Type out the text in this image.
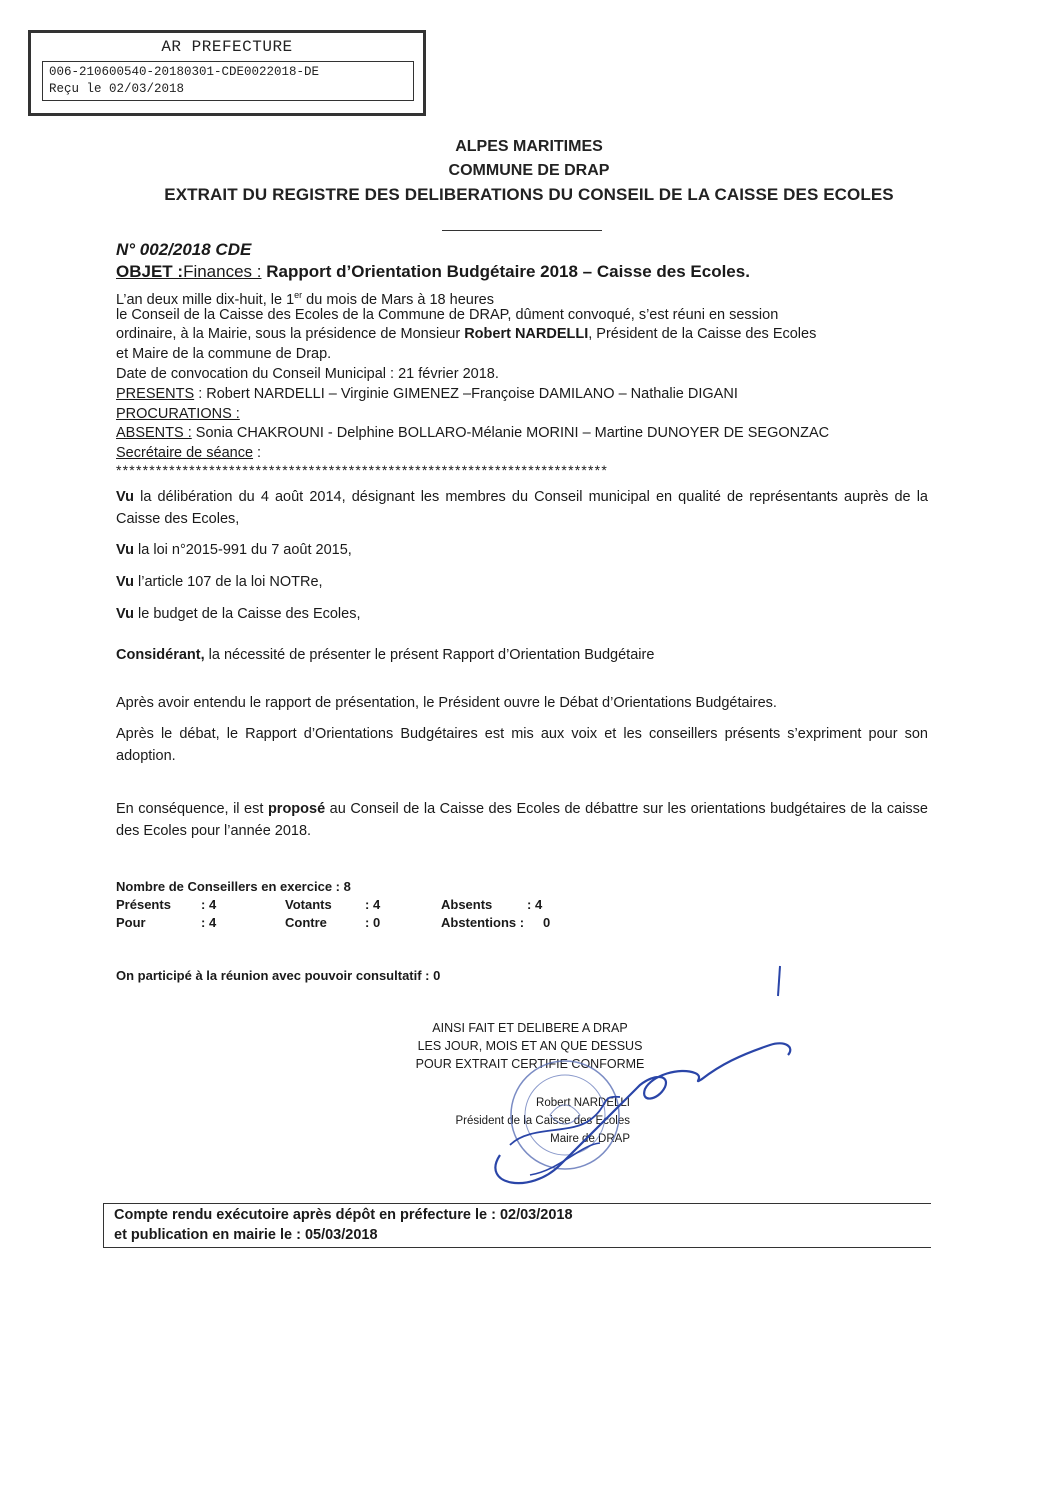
AR PREFECTURE
006-210600540-20180301-CDE0022018-DE
Reçu le 02/03/2018
ALPES MARITIMES
COMMUNE DE DRAP
EXTRAIT DU REGISTRE DES DELIBERATIONS DU CONSEIL DE LA CAISSE DES ECOLES
N° 002/2018 CDE
OBJET :Finances : Rapport d’Orientation Budgétaire 2018 – Caisse des Ecoles.
L’an deux mille dix-huit, le 1er du mois de Mars à 18 heures
le Conseil de la Caisse des Ecoles de la Commune de DRAP, dûment convoqué, s’est réuni en session
ordinaire, à la Mairie, sous la présidence de Monsieur Robert NARDELLI, Président de la Caisse des Ecoles
et Maire de la commune de Drap.
Date de convocation du Conseil Municipal : 21 février 2018.
PRESENTS : Robert NARDELLI – Virginie GIMENEZ –Françoise DAMILANO – Nathalie DIGANI
PROCURATIONS :
ABSENTS : Sonia CHAKROUNI - Delphine BOLLARO-Mélanie MORINI – Martine DUNOYER DE SEGONZAC
Secrétaire de séance :
**************************************************************************
Vu la délibération du 4 août 2014, désignant les membres du Conseil municipal en qualité de représentants auprès de la Caisse des Ecoles,
Vu la loi n°2015-991 du 7 août 2015,
Vu l’article 107 de la loi NOTRe,
Vu le budget de la Caisse des Ecoles,
Considérant, la nécessité de présenter le présent Rapport d’Orientation Budgétaire
Après avoir entendu le rapport de présentation, le Président ouvre le Débat d’Orientations Budgétaires.
Après le débat, le Rapport d’Orientations Budgétaires est mis aux voix et les conseillers présents s’expriment pour son adoption.
En conséquence, il est proposé au Conseil de la Caisse des Ecoles de débattre sur les orientations budgétaires de la caisse des Ecoles pour l’année 2018.
Nombre de Conseillers en exercice : 8
Présents : 4	Votants	: 4	Absents	: 4
Pour	: 4	Contre	: 0	Abstentions : 0
On participé à la réunion avec pouvoir consultatif : 0
AINSI FAIT ET DELIBERE A DRAP
LES JOUR, MOIS ET AN QUE DESSUS
POUR EXTRAIT CERTIFIE CONFORME
Robert NARDELLI
Président de la Caisse des Ecoles
Maire de DRAP
Compte rendu exécutoire après dépôt en préfecture le : 02/03/2018
et publication en mairie le : 05/03/2018
